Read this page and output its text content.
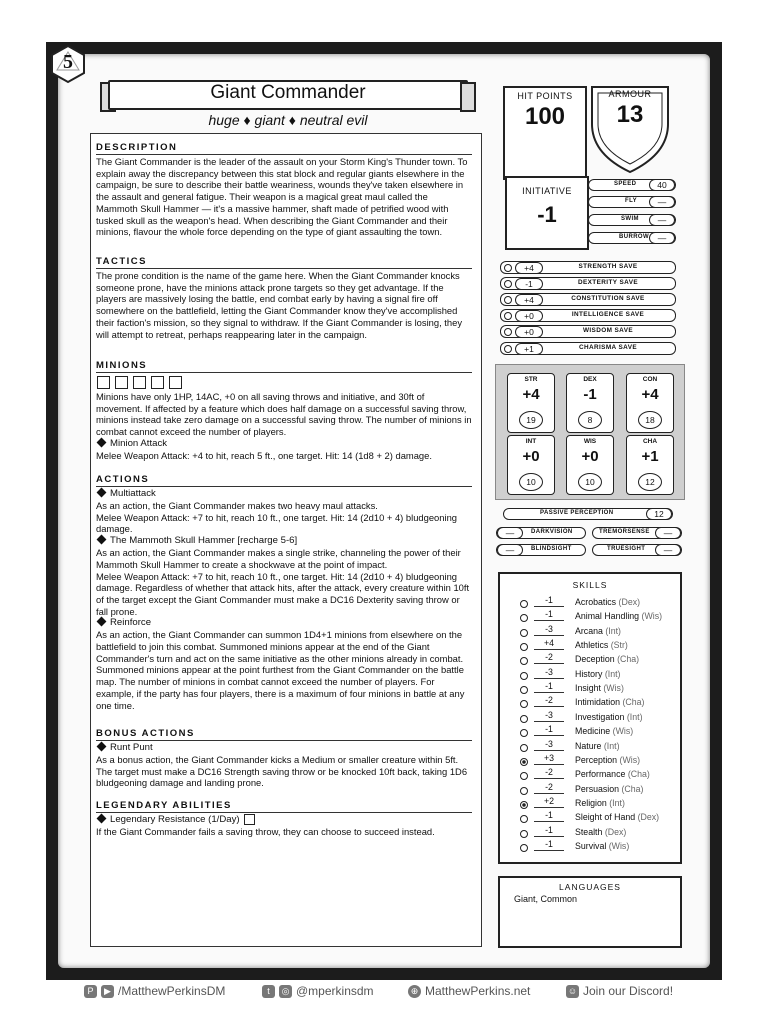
5
Giant Commander
huge ♦ giant ♦ neutral evil
DESCRIPTION
The Giant Commander is the leader of the assault on your Storm King's Thunder town. To explain away the discrepancy between this stat block and regular giants elsewhere in the campaign, be sure to describe their battle weariness, wounds they've taken elsewhere in the assault and general fatigue. Their weapon is a magical great maul called the Mammoth Skull Hammer — it's a massive hammer, shaft made of petrified wood with tusked skull as the weapon's head. When describing the Giant Commander and their minions, flavour the whole force depending on the type of giant assaulting the town.
TACTICS
The prone condition is the name of the game here. When the Giant Commander knocks someone prone, have the minions attack prone targets so they get advantage. If the players are massively losing the battle, end combat early by having a signal fire off somewhere on the battlefield, letting the Giant Commander know they've accomplished their faction's mission, so they signal to withdraw. If the Giant Commander is losing, they will attempt to retreat, perhaps reappearing later in the campaign.
MINIONS
Minions have only 1HP, 14AC, +0 on all saving throws and initiative, and 30ft of movement. If affected by a feature which does half damage on a successful saving throw, minions instead take zero damage on a successful saving throw. The number of minions in combat cannot exceed the number of players.
Minion Attack
Melee Weapon Attack: +4 to hit, reach 5 ft., one target. Hit: 14 (1d8 + 2) damage.
ACTIONS
Multiattack
As an action, the Giant Commander makes two heavy maul attacks.
Melee Weapon Attack: +7 to hit, reach 10 ft., one target. Hit: 14 (2d10 + 4) bludgeoning damage.
The Mammoth Skull Hammer [recharge 5-6]
As an action, the Giant Commander makes a single strike, channeling the power of their Mammoth Skull Hammer to create a shockwave at the point of impact.
Melee Weapon Attack: +7 to hit, reach 10 ft., one target. Hit: 14 (2d10 + 4) bludgeoning damage. Regardless of whether that attack hits, after the attack, every creature within 10ft of the target except the Giant Commander must make a DC16 Dexterity saving throw or fall prone.
Reinforce
As an action, the Giant Commander can summon 1D4+1 minions from elsewhere on the battlefield to join this combat. Summoned minions appear at the end of the Giant Commander's turn and act on the same initiative as the other minions already in combat. Summoned minions appear at the point furthest from the Giant Commander on the battle map. The number of minions in combat cannot exceed the number of players. For example, if the party has four players, there is a maximum of four minions in battle at any one time.
BONUS ACTIONS
Runt Punt
As a bonus action, the Giant Commander kicks a Medium or smaller creature within 5ft. The target must make a DC16 Strength saving throw or be knocked 10ft back, taking 1D6 bludgeoning damage and landing prone.
LEGENDARY ABILITIES
Legendary Resistance (1/Day)
If the Giant Commander fails a saving throw, they can choose to succeed instead.
HIT POINTS
100
ARMOUR
13
INITIATIVE
-1
SPEED	40
FLY	—
SWIM	—
BURROW	—
+4	STRENGTH SAVE
-1	DEXTERITY SAVE
+4	CONSTITUTION SAVE
+0	INTELLIGENCE SAVE
+0	WISDOM SAVE
+1	CHARISMA SAVE
STR
+4
19
DEX
-1
8
CON
+4
18
INT
+0
10
WIS
+0
10
CHA
+1
12
PASSIVE PERCEPTION	12
—	DARKVISION	TREMORSENSE	—
—	BLINDSIGHT	TRUESIGHT	—
SKILLS
-1	Acrobatics (Dex)
-1	Animal Handling (Wis)
-3	Arcana (Int)
+4	Athletics (Str)
-2	Deception (Cha)
-3	History (Int)
-1	Insight (Wis)
-2	Intimidation (Cha)
-3	Investigation (Int)
-1	Medicine (Wis)
-3	Nature (Int)
+3	Perception (Wis)
-2	Performance (Cha)
-2	Persuasion (Cha)
+2	Religion (Int)
-1	Sleight of Hand (Dex)
-1	Stealth (Dex)
-1	Survival (Wis)
LANGUAGES
Giant, Common
P	▶ /MatthewPerkinsDM	t	◎ @mperkinsdm	⊕ MatthewPerkins.net	☺ Join our Discord!
